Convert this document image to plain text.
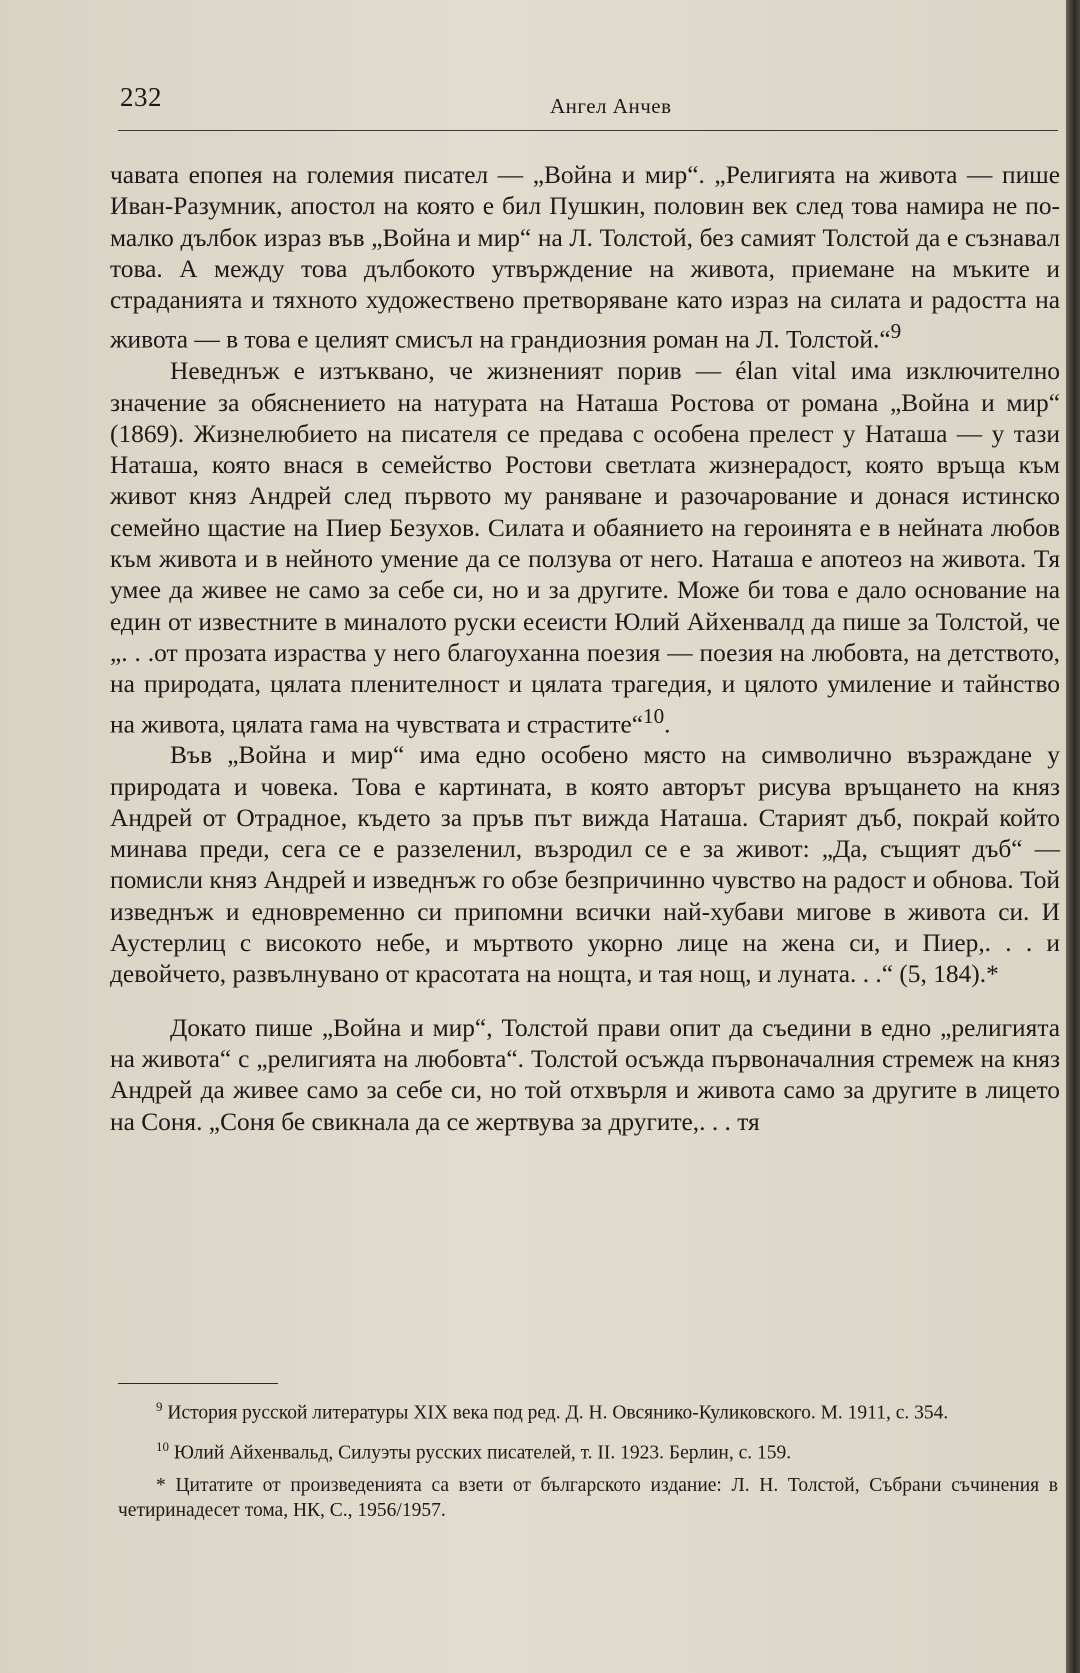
232	Ангел Анчев

чавата епопея на големия писател — „Война и мир“. „Религията на живота — пише Иван-Разумник, апостол на която е бил Пушкин, половин век след това намира не по-малко дълбок израз във „Война и мир“ на Л. Толстой, без самият Толстой да е съзнавал това. А между това дълбокото утвърждение на живота, приемане на мъките и страданията и тяхното художествено претворяване като израз на силата и радостта на живота — в това е целият смисъл на грандиозния роман на Л. Толстой.“$^9$

Неведнъж е изтъквано, че жизненият порив — élan vital има изключително значение за обяснението на натурата на Наташа Ростова от романа „Война и мир“ (1869). Жизнелюбието на писателя се предава с особена прелест у Наташа — у тази Наташа, която внася в семейство Ростови светлата жизнерадост, която връща към живот княз Андрей след първото му раняване и разочарование и донася истинско семейно щастие на Пиер Безухов. Силата и обаянието на героинята е в нейната любов към живота и в нейното умение да се ползува от него. Наташа е апотеоз на живота. Тя умее да живее не само за себе си, но и за другите. Може би това е дало основание на един от известните в миналото руски есеисти Юлий Айхенвалд да пише за Толстой, че „. . .от прозата израства у него благоуханна поезия — поезия на любовта, на детството, на природата, цялата пленителност и цялата трагедия, и цялото умиление и тайнство на живота, цялата гама на чувствата и страстите“$^{10}$.

Във „Война и мир“ има едно особено място на символично възраждане у природата и човека. Това е картината, в която авторът рисува връщането на княз Андрей от Отрадное, където за пръв път вижда Наташа. Старият дъб, покрай който минава преди, сега се е раззеленил, възродил се е за живот: „Да, същият дъб“ — помисли княз Андрей и изведнъж го обзе безпричинно чувство на радост и обнова. Той изведнъж и едновременно си припомни всички най-хубави мигове в живота си. И Аустерлиц с високото небе, и мъртвото укорно лице на жена си, и Пиер,. . . и девойчето, развълнувано от красотата на нощта, и тая нощ, и луната. . .“ (5, 184).*

Докато пише „Война и мир“, Толстой прави опит да съедини в едно „религията на живота“ с „религията на любовта“. Толстой осъжда първоначалния стремеж на княз Андрей да живее само за себе си, но той отхвърля и живота само за другите в лицето на Соня. „Соня бе свикнала да се жертвува за другите,. . . тя

$^9$ История русской литературы XIX века под ред. Д. Н. Овсянико-Куликовского. М. 1911, с. 354.

$^{10}$ Юлий Айхенвальд, Силуэты русских писателей, т. II. 1923. Берлин, с. 159.

* Цитатите от произведенията са взети от българското издание: Л. Н. Толстой, Събрани съчинения в четиринадесет тома, НК, С., 1956/1957.
